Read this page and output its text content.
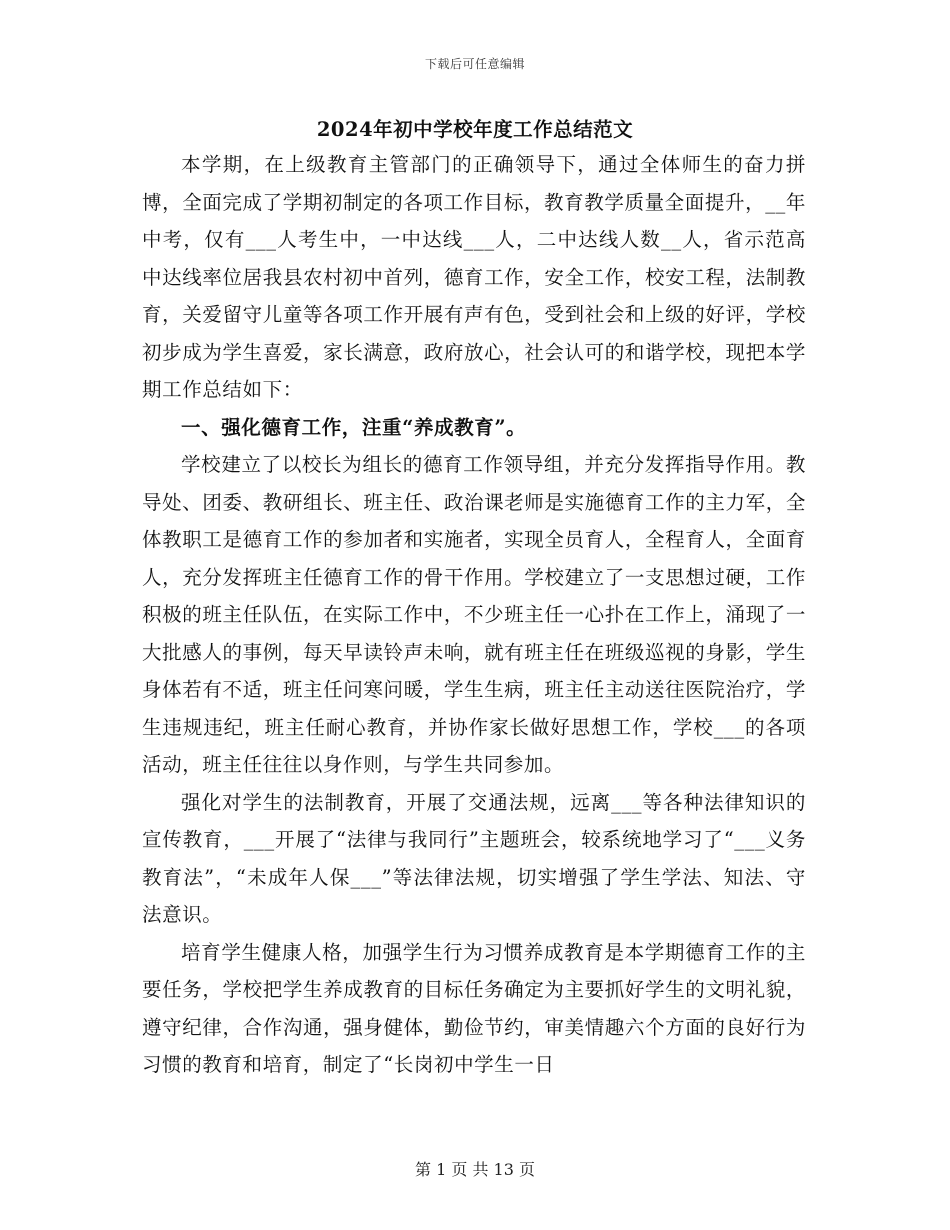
下载后可任意编辑
2024年初中学校年度工作总结范文

本学期，在上级教育主管部门的正确领导下，通过全体师生的奋力拼博，全面完成了学期初制定的各项工作目标，教育教学质量全面提升，__年中考，仅有___人考生中，一中达线___人，二中达线人数__人，省示范高中达线率位居我县农村初中首列，德育工作，安全工作，校安工程，法制教育，关爱留守儿童等各项工作开展有声有色，受到社会和上级的好评，学校初步成为学生喜爱，家长满意，政府放心，社会认可的和谐学校，现把本学期工作总结如下：

一、强化德育工作，注重“养成教育”。

学校建立了以校长为组长的德育工作领导组，并充分发挥指导作用。教导处、团委、教研组长、班主任、政治课老师是实施德育工作的主力军，全体教职工是德育工作的参加者和实施者，实现全员育人，全程育人，全面育人，充分发挥班主任德育工作的骨干作用。学校建立了一支思想过硬，工作积极的班主任队伍，在实际工作中，不少班主任一心扑在工作上，涌现了一大批感人的事例，每天早读铃声未响，就有班主任在班级巡视的身影，学生身体若有不适，班主任问寒问暖，学生生病，班主任主动送往医院治疗，学生违规违纪，班主任耐心教育，并协作家长做好思想工作，学校___的各项活动，班主任往往以身作则，与学生共同参加。

强化对学生的法制教育，开展了交通法规，远离___等各种法律知识的宣传教育，___开展了“法律与我同行”主题班会，较系统地学习了“___义务教育法”，“未成年人保___”等法律法规，切实增强了学生学法、知法、守法意识。

培育学生健康人格，加强学生行为习惯养成教育是本学期德育工作的主要任务，学校把学生养成教育的目标任务确定为主要抓好学生的文明礼貌，遵守纪律，合作沟通，强身健体，勤俭节约，审美情趣六个方面的良好行为习惯的教育和培育，制定了“长岗初中学生一日

第 1 页 共 13 页
